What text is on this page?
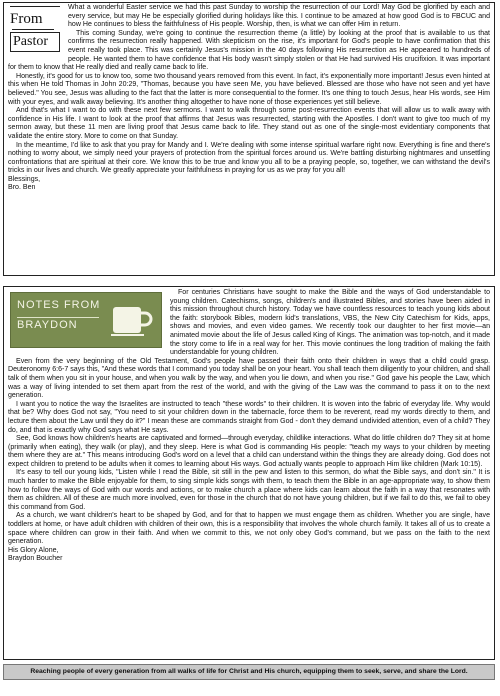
From
Pastor

What a wonderful Easter service we had this past Sunday to worship the resurrection of our Lord! May God be glorified by each and every service, but may He be especially glorified during holidays like this. I continue to be amazed at how good God is to FBCUC and how He continues to bless the faithfulness of His people. Worship, then, is what we can offer Him in return.

This coming Sunday, we're going to continue the resurrection theme (a little) by looking at the proof that is available to us that confirms the resurrection really happened. With skepticism on the rise, it's important for God's people to have confirmation that this event really took place. This was certainly Jesus's mission in the 40 days following His resurrection as He appeared to hundreds of people. He wanted them to have confidence that His body wasn't simply stolen or that He had survived His crucifixion. It was important for them to know that He really died and really came back to life.

Honestly, it's good for us to know too, some two thousand years removed from this event. In fact, it's exponentially more important! Jesus even hinted at this when He told Thomas in John 20:29, "Thomas, because you have seen Me, you have believed. Blessed are those who have not seen and yet have believed." You see, Jesus was alluding to the fact that the latter is more consequential to the former. It's one thing to touch Jesus, hear His words, see Him with your eyes, and walk away believing. It's another thing altogether to have none of those experiences yet still believe.

And that's what I want to do with these next few sermons. I want to walk through some post-resurrection events that will allow us to walk away with confidence in His life. I want to look at the proof that affirms that Jesus was resurrected, starting with the Apostles. I don't want to give too much of my sermon away, but these 11 men are living proof that Jesus came back to life. They stand out as one of the single-most evidentiary components that validate the entire story. More to come on that Sunday.

In the meantime, I'd like to ask that you pray for Mandy and I. We're dealing with some intense spiritual warfare right now. Everything is fine and there's nothing to worry about, we simply need your prayers of protection from the spiritual forces around us. We're battling disturbing nightmares and unsettling confrontations that are spiritual at their core. We know this to be true and know you all to be a praying people, so, together, we can withstand the devil's tricks in our lives and church. We greatly appreciate your faithfulness in praying for us as we pray for you all!

Blessings,

Bro. Ben

NOTES FROM
BRAYDON

For centuries Christians have sought to make the Bible and the ways of God understandable to young children. Catechisms, songs, children's and illustrated Bibles, and stories have been aided in this mission throughout church history. Today we have countless resources to teach young kids about the faith: storybook Bibles, modern kid's translations, VBS, the New City Catechism for Kids, apps, shows and movies, and even video games. We recently took our daughter to her first movie—an animated movie about the life of Jesus called King of Kings. The animation was top-notch, and it made the story come to life in a real way for her. This movie continues the long tradition of making the faith understandable for young children.

Even from the very beginning of the Old Testament, God's people have passed their faith onto their children in ways that a child could grasp. Deuteronomy 6:6-7 says this, "And these words that I command you today shall be on your heart. You shall teach them diligently to your children, and shall talk of them when you sit in your house, and when you walk by the way, and when you lie down, and when you rise." God gave his people the Law, which was a way of living intended to set them apart from the rest of the world, and with the giving of the Law was the command to pass it on to the next generation.

I want you to notice the way the Israelites are instructed to teach "these words" to their children. It is woven into the fabric of everyday life. Why would that be? Why does God not say, "You need to sit your children down in the tabernacle, force them to be reverent, read my words directly to them, and lecture them about the Law until they do it?" I mean these are commands straight from God - don't they demand undivided attention, even of a child? They do, and that is exactly why God says what He says.

See, God knows how children's hearts are captivated and formed—through everyday, childlike interactions. What do little children do? They sit at home (primarily when eating), they walk (or play), and they sleep. Here is what God is commanding His people: "teach my ways to your children by meeting them where they are at." This means introducing God's word on a level that a child can understand within the things they are already doing. God does not expect children to pretend to be adults when it comes to learning about His ways. God actually wants people to approach Him like children (Mark 10:15).

It's easy to tell our young kids, "Listen while I read the Bible, sit still in the pew and listen to this sermon, do what the Bible says, and don't sin." It is much harder to make the Bible enjoyable for them, to sing simple kids songs with them, to teach them the Bible in an age-appropriate way, to show them how to follow the ways of God with our words and actions, or to make church a place where kids can learn about the faith in a way that resonates with them as children. All of these are much more involved, even for those in the church that do not have young children, but if we fail to do this, we fail to obey this command from God.

As a church, we want children's heart to be shaped by God, and for that to happen we must engage them as children. Whether you are single, have toddlers at home, or have adult children with children of their own, this is a responsibility that involves the whole church family. It takes all of us to create a space where children can grow in their faith. And when we commit to this, we not only obey God's command, but we pass on the faith to the next generation.

His Glory Alone,

Braydon Boucher

Reaching people of every generation from all walks of life for Christ and His church, equipping them to seek, serve, and share the Lord.
